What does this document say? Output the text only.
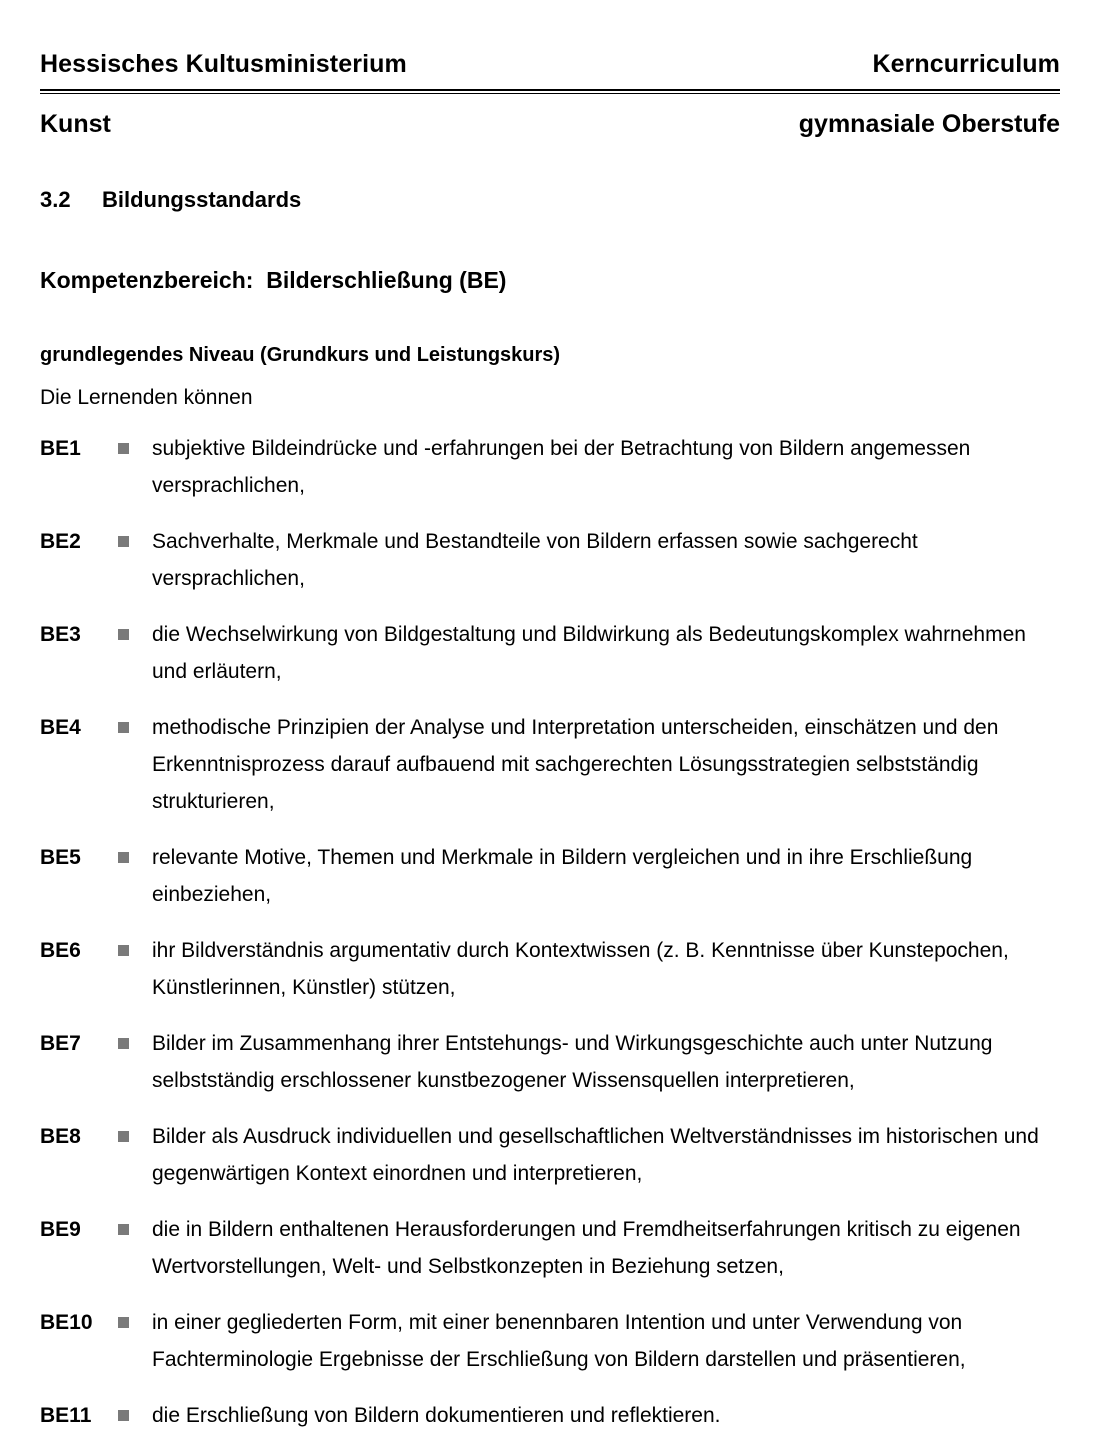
Hessisches Kultusministerium	Kerncurriculum
Kunst	gymnasiale Oberstufe
3.2	Bildungsstandards
Kompetenzbereich:  Bilderschließung (BE)
grundlegendes Niveau (Grundkurs und Leistungskurs)
Die Lernenden können
BE1	subjektive Bildeindrücke und -erfahrungen bei der Betrachtung von Bildern angemessen versprachlichen,
BE2	Sachverhalte, Merkmale und Bestandteile von Bildern erfassen sowie sachgerecht versprachlichen,
BE3	die Wechselwirkung von Bildgestaltung und Bildwirkung als Bedeutungskomplex wahrnehmen und erläutern,
BE4	methodische Prinzipien der Analyse und Interpretation unterscheiden, einschätzen und den Erkenntnisprozess darauf aufbauend mit sachgerechten Lösungsstrategien selbstständig strukturieren,
BE5	relevante Motive, Themen und Merkmale in Bildern vergleichen und in ihre Erschließung einbeziehen,
BE6	ihr Bildverständnis argumentativ durch Kontextwissen (z. B. Kenntnisse über Kunstepochen, Künstlerinnen, Künstler) stützen,
BE7	Bilder im Zusammenhang ihrer Entstehungs- und Wirkungsgeschichte auch unter Nutzung selbstständig erschlossener kunstbezogener Wissensquellen interpretieren,
BE8	Bilder als Ausdruck individuellen und gesellschaftlichen Weltverständnisses im historischen und gegenwärtigen Kontext einordnen und interpretieren,
BE9	die in Bildern enthaltenen Herausforderungen und Fremdheitserfahrungen kritisch zu eigenen Wertvorstellungen, Welt- und Selbstkonzepten in Beziehung setzen,
BE10	in einer gegliederten Form, mit einer benennbaren Intention und unter Verwendung von Fachterminologie Ergebnisse der Erschließung von Bildern darstellen und präsentieren,
BE11	die Erschließung von Bildern dokumentieren und reflektieren.
